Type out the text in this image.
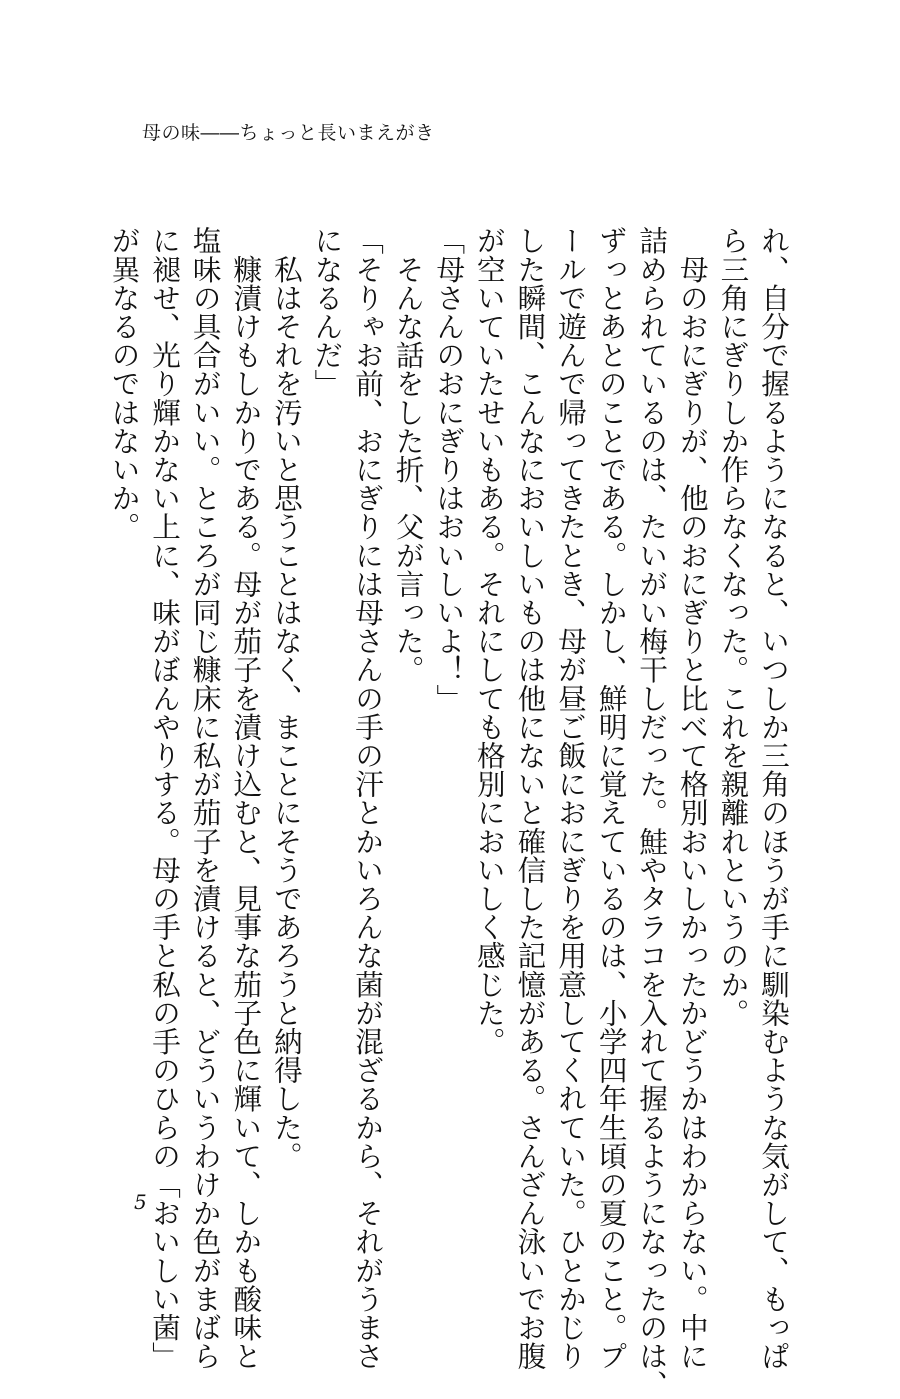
母の味――ちょっと長いまえがき
れ、自分で握るようになると、いつしか三角のほうが手に馴染むような気がして、もっぱ
ら三角にぎりしか作らなくなった。これを親離れというのか。
　母のおにぎりが、他のおにぎりと比べて格別おいしかったかどうかはわからない。中に
詰められているのは、たいがい梅干しだった。鮭やタラコを入れて握るようになったのは、
ずっとあとのことである。しかし、鮮明に覚えているのは、小学四年生頃の夏のこと。プ
ールで遊んで帰ってきたとき、母が昼ご飯におにぎりを用意してくれていた。ひとかじり
した瞬間、こんなにおいしいものは他にないと確信した記憶がある。さんざん泳いでお腹
が空いていたせいもある。それにしても格別においしく感じた。
「母さんのおにぎりはおいしいよ！」
　そんな話をした折、父が言った。
「そりゃお前、おにぎりには母さんの手の汗とかいろんな菌が混ざるから、それがうまさ
になるんだ」
　私はそれを汚いと思うことはなく、まことにそうであろうと納得した。
　糠漬けもしかりである。母が茄子を漬け込むと、見事な茄子色に輝いて、しかも酸味と
塩味の具合がいい。ところが同じ糠床に私が茄子を漬けると、どういうわけか色がまばら
に褪せ、光り輝かない上に、味がぼんやりする。母の手と私の手のひらの「おいしい菌」
が異なるのではないか。
5
